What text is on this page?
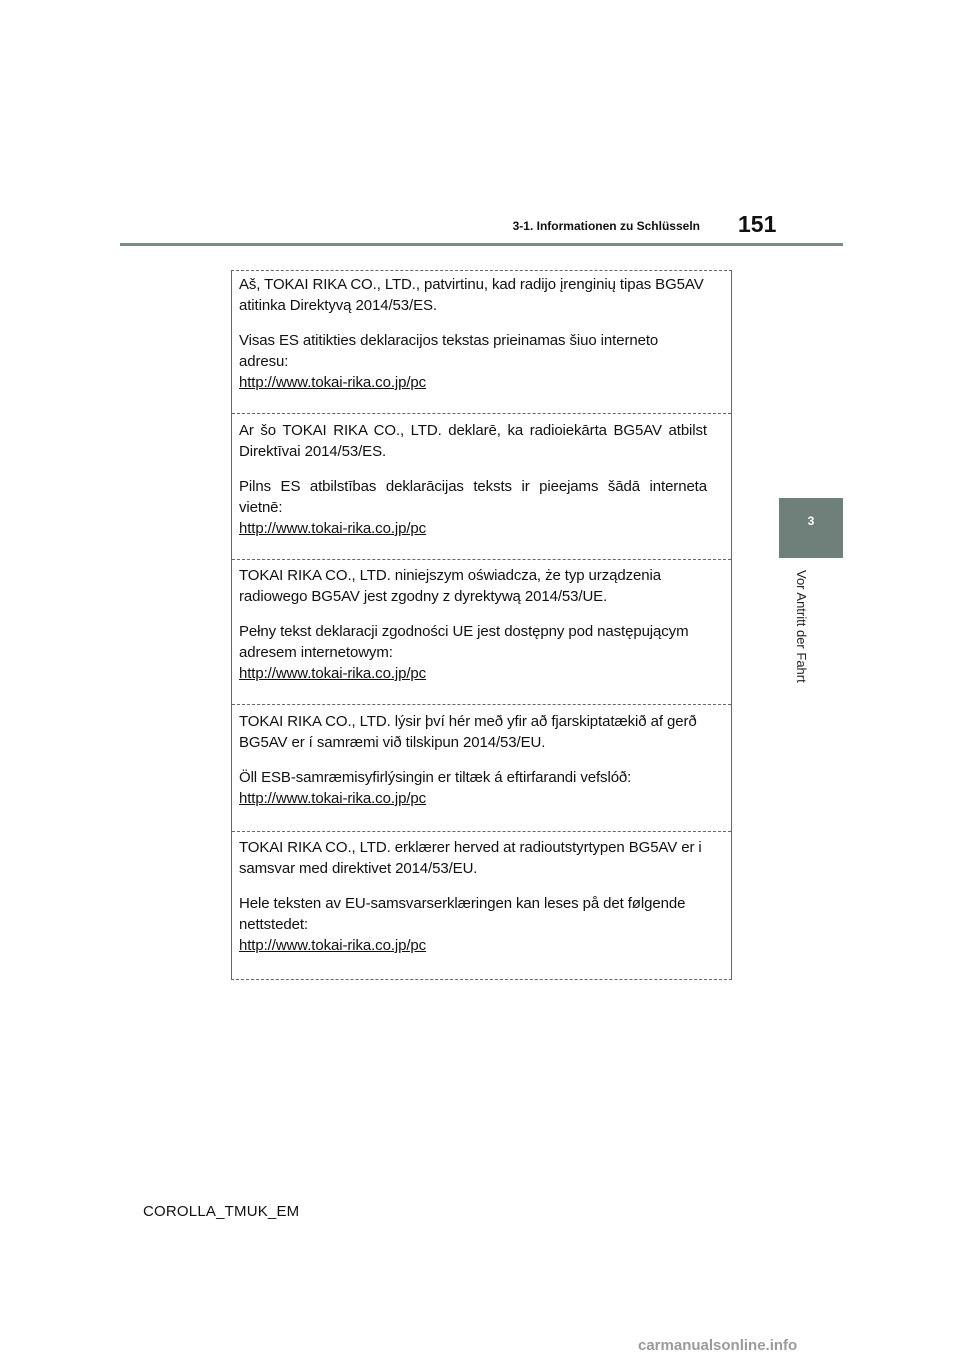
3-1. Informationen zu Schlüsseln 151
3
Vor Antritt der Fahrt
Aš, TOKAI RIKA CO., LTD., patvirtinu, kad radijo įrenginių tipas BG5AV atitinka Direktyvą 2014/53/ES.
Visas ES atitikties deklaracijos tekstas prieinamas šiuo interneto adresu:
http://www.tokai-rika.co.jp/pc
Ar šo TOKAI RIKA CO., LTD. deklarē, ka radioiekārta BG5AV atbilst Direktīvai 2014/53/ES.
Pilns ES atbilstības deklarācijas teksts ir pieejams šādā interneta vietnē:
http://www.tokai-rika.co.jp/pc
TOKAI RIKA CO., LTD. niniejszym oświadcza, że typ urządzenia radiowego BG5AV jest zgodny z dyrektywą 2014/53/UE.
Pełny tekst deklaracji zgodności UE jest dostępny pod następującym adresem internetowym:
http://www.tokai-rika.co.jp/pc
TOKAI RIKA CO., LTD. lýsir því hér með yfir að fjarskiptatækið af gerð BG5AV er í samræmi við tilskipun 2014/53/EU.
Öll ESB-samræmisyfirlýsingin er tiltæk á eftirfarandi vefslóð:
http://www.tokai-rika.co.jp/pc
TOKAI RIKA CO., LTD. erklærer herved at radioutstyrtypen BG5AV er i samsvar med direktivet 2014/53/EU.
Hele teksten av EU-samsvarserklæringen kan leses på det følgende nettstedet:
http://www.tokai-rika.co.jp/pc
COROLLA_TMUK_EM
carmanualsonline.info
